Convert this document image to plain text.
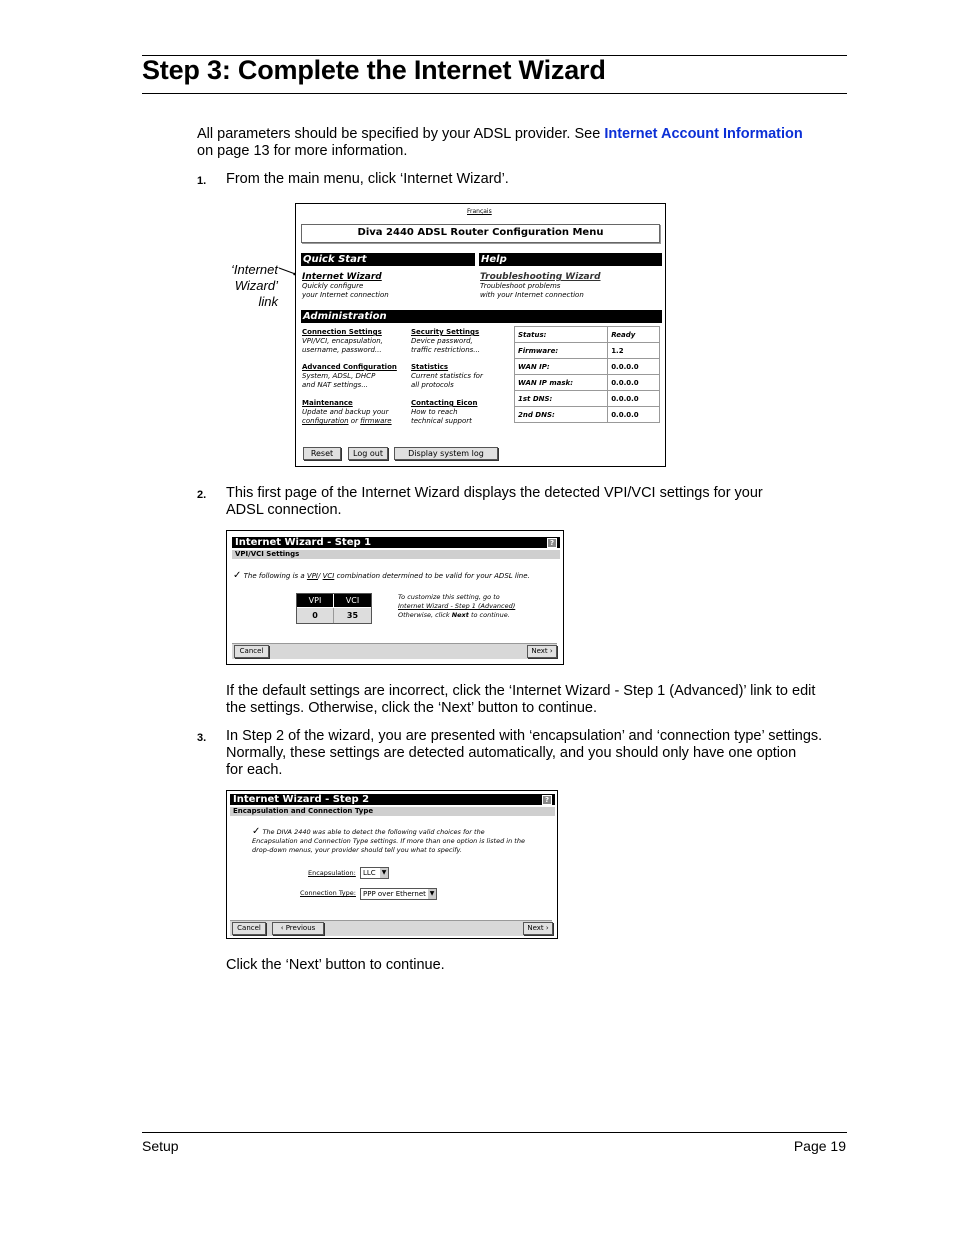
Step 3: Complete the Internet Wizard
All parameters should be specified by your ADSL provider. See Internet Account Information
on page 13 for more information.
1. From the main menu, click ‘Internet Wizard’.
‘Internet
Wizard’
link
Français
Diva 2440 ADSL Router Configuration Menu
Quick Start	Help
Internet Wizard
Quickly configure
your Internet connection
Troubleshooting Wizard
Troubleshoot problems
with your Internet connection
Administration
Connection Settings
VPI/VCI, encapsulation,
username, password...
Security Settings
Device password,
traffic restrictions...
Advanced Configuration
System, ADSL, DHCP
and NAT settings...
Statistics
Current statistics for
all protocols
Maintenance
Update and backup your
configuration or firmware
Contacting Eicon
How to reach
technical support
Status:	Ready
Firmware:	1.2
WAN IP:	0.0.0.0
WAN IP mask:	0.0.0.0
1st DNS:	0.0.0.0
2nd DNS:	0.0.0.0
Reset	Log out	Display system log
2. This first page of the Internet Wizard displays the detected VPI/VCI settings for your
ADSL connection.
Internet Wizard - Step 1	?
VPI/VCI Settings
✓ The following is a VPI/ VCI combination determined to be valid for your ADSL line.
VPI	VCI
0	35
To customize this setting, go to
Internet Wizard - Step 1 (Advanced)
Otherwise, click Next to continue.
Cancel	Next ›
If the default settings are incorrect, click the ‘Internet Wizard - Step 1 (Advanced)’ link to edit
the settings. Otherwise, click the ‘Next’ button to continue.
3. In Step 2 of the wizard, you are presented with ‘encapsulation’ and ‘connection type’ settings.
Normally, these settings are detected automatically, and you should only have one option
for each.
Internet Wizard - Step 2	?
Encapsulation and Connection Type
✓ The DIVA 2440 was able to detect the following valid choices for the
Encapsulation and Connection Type settings. If more than one option is listed in the
drop-down menus, your provider should tell you what to specify.
Encapsulation:	LLC ▼
Connection Type:	PPP over Ethernet ▼
Cancel	‹ Previous	Next ›
Click the ‘Next’ button to continue.
Setup	Page 19
